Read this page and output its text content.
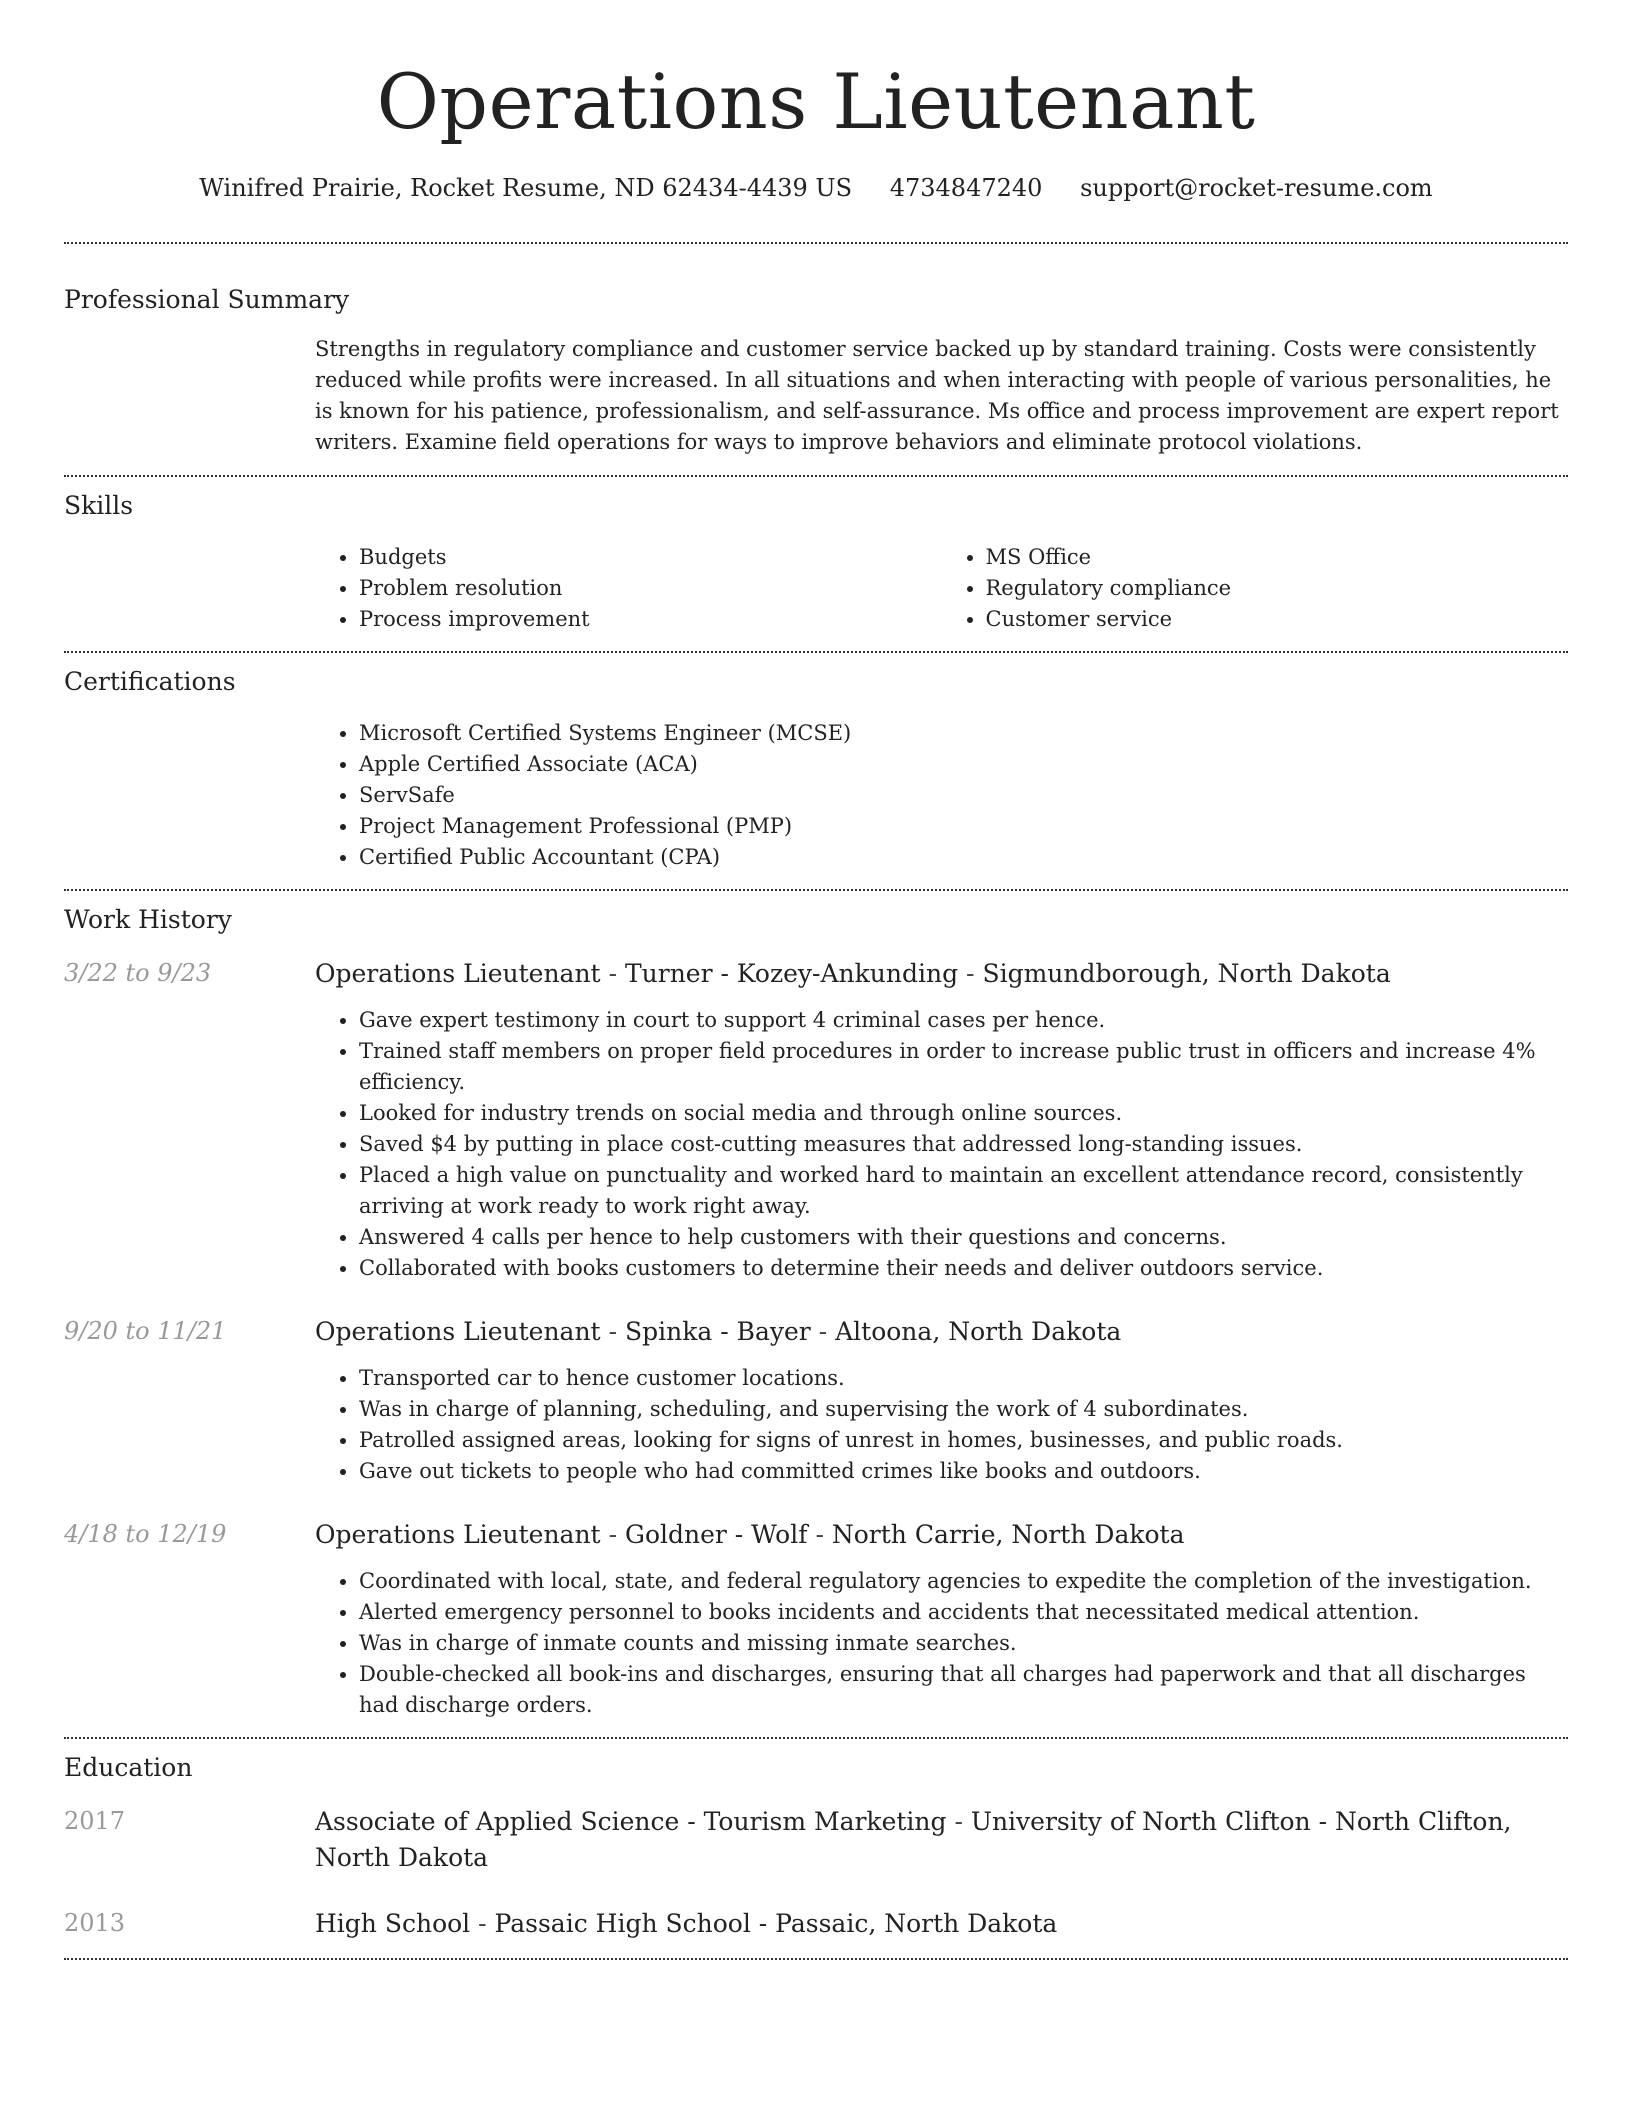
Operations Lieutenant
Winifred Prairie, Rocket Resume, ND 62434-4439 US 4734847240 support@rocket-resume.com
Professional Summary

Strengths in regulatory compliance and customer service backed up by standard training. Costs were consistently reduced while profits were increased. In all situations and when interacting with people of various personalities, he is known for his patience, professionalism, and self-assurance. Ms office and process improvement are expert report writers. Examine field operations for ways to improve behaviors and eliminate protocol violations.

Skills
• Budgets
• Problem resolution
• Process improvement
• MS Office
• Regulatory compliance
• Customer service
Certifications
• Microsoft Certified Systems Engineer (MCSE)
• Apple Certified Associate (ACA)
• ServSafe
• Project Management Professional (PMP)
• Certified Public Accountant (CPA)
Work History
3/22 to 9/23	Operations Lieutenant - Turner - Kozey-Ankunding - Sigmundborough, North Dakota

• Gave expert testimony in court to support 4 criminal cases per hence.
• Trained staff members on proper field procedures in order to increase public trust in officers and increase 4% efficiency.
• Looked for industry trends on social media and through online sources.
• Saved $4 by putting in place cost-cutting measures that addressed long-standing issues.
• Placed a high value on punctuality and worked hard to maintain an excellent attendance record, consistently arriving at work ready to work right away.
• Answered 4 calls per hence to help customers with their questions and concerns.
• Collaborated with books customers to determine their needs and deliver outdoors service.
9/20 to 11/21	Operations Lieutenant - Spinka - Bayer - Altoona, North Dakota

• Transported car to hence customer locations.
• Was in charge of planning, scheduling, and supervising the work of 4 subordinates.
• Patrolled assigned areas, looking for signs of unrest in homes, businesses, and public roads.
• Gave out tickets to people who had committed crimes like books and outdoors.
4/18 to 12/19	Operations Lieutenant - Goldner - Wolf - North Carrie, North Dakota

• Coordinated with local, state, and federal regulatory agencies to expedite the completion of the investigation.
• Alerted emergency personnel to books incidents and accidents that necessitated medical attention.
• Was in charge of inmate counts and missing inmate searches.
• Double-checked all book-ins and discharges, ensuring that all charges had paperwork and that all discharges had discharge orders.
Education
2017	Associate of Applied Science - Tourism Marketing - University of North Clifton - North Clifton, North Dakota

2013	High School - Passaic High School - Passaic, North Dakota
